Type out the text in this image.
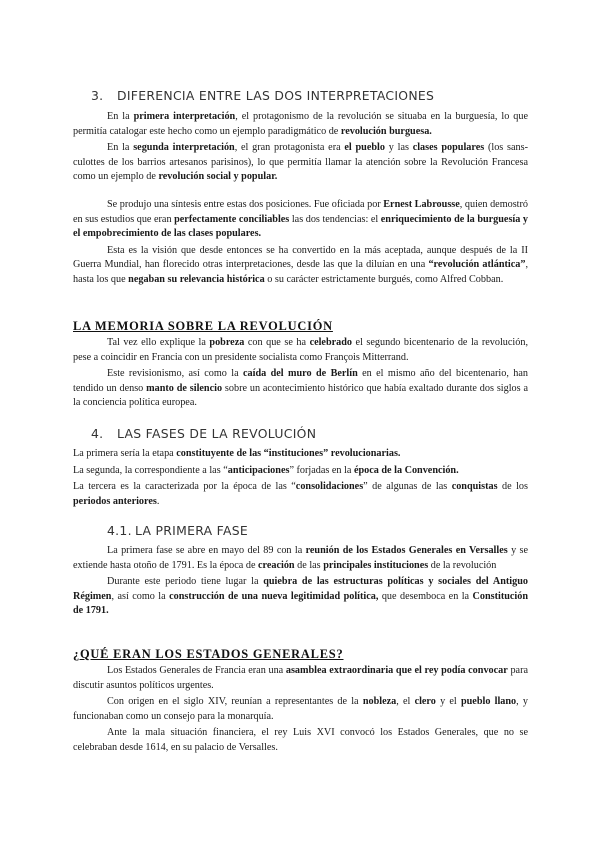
3. DIFERENCIA ENTRE LAS DOS INTERPRETACIONES

En la primera interpretación, el protagonismo de la revolución se situaba en la burguesía, lo que permitía catalogar este hecho como un ejemplo paradigmático de revolución burguesa.

En la segunda interpretación, el gran protagonista era el pueblo y las clases populares (los sans-culottes de los barrios artesanos parisinos), lo que permitía llamar la atención sobre la Revolución Francesa como un ejemplo de revolución social y popular.

Se produjo una síntesis entre estas dos posiciones. Fue oficiada por Ernest Labrousse, quien demostró en sus estudios que eran perfectamente conciliables las dos tendencias: el enriquecimiento de la burguesía y el empobrecimiento de las clases populares.

Esta es la visión que desde entonces se ha convertido en la más aceptada, aunque después de la II Guerra Mundial, han florecido otras interpretaciones, desde las que la diluían en una “revolución atlántica”, hasta los que negaban su relevancia histórica o su carácter estrictamente burgués, como Alfred Cobban.

LA MEMORIA SOBRE LA REVOLUCIÓN

Tal vez ello explique la pobreza con que se ha celebrado el segundo bicentenario de la revolución, pese a coincidir en Francia con un presidente socialista como François Mitterrand.

Este revisionismo, así como la caída del muro de Berlín en el mismo año del bicentenario, han tendido un denso manto de silencio sobre un acontecimiento histórico que había exaltado durante dos siglos a la conciencia política europea.

4. LAS FASES DE LA REVOLUCIÓN

La primera sería la etapa constituyente de las “instituciones” revolucionarias.

La segunda, la correspondiente a las “anticipaciones” forjadas en la época de la Convención.

La tercera es la caracterizada por la época de las “consolidaciones” de algunas de las conquistas de los periodos anteriores.

4.1. LA PRIMERA FASE

La primera fase se abre en mayo del 89 con la reunión de los Estados Generales en Versalles y se extiende hasta otoño de 1791. Es la época de creación de las principales instituciones de la revolución

Durante este periodo tiene lugar la quiebra de las estructuras políticas y sociales del Antiguo Régimen, así como la construcción de una nueva legitimidad política, que desemboca en la Constitución de 1791.

¿QUÉ ERAN LOS ESTADOS GENERALES?

Los Estados Generales de Francia eran una asamblea extraordinaria que el rey podía convocar para discutir asuntos políticos urgentes.

Con origen en el siglo XIV, reunían a representantes de la nobleza, el clero y el pueblo llano, y funcionaban como un consejo para la monarquía.

Ante la mala situación financiera, el rey Luis XVI convocó los Estados Generales, que no se celebraban desde 1614, en su palacio de Versalles.
